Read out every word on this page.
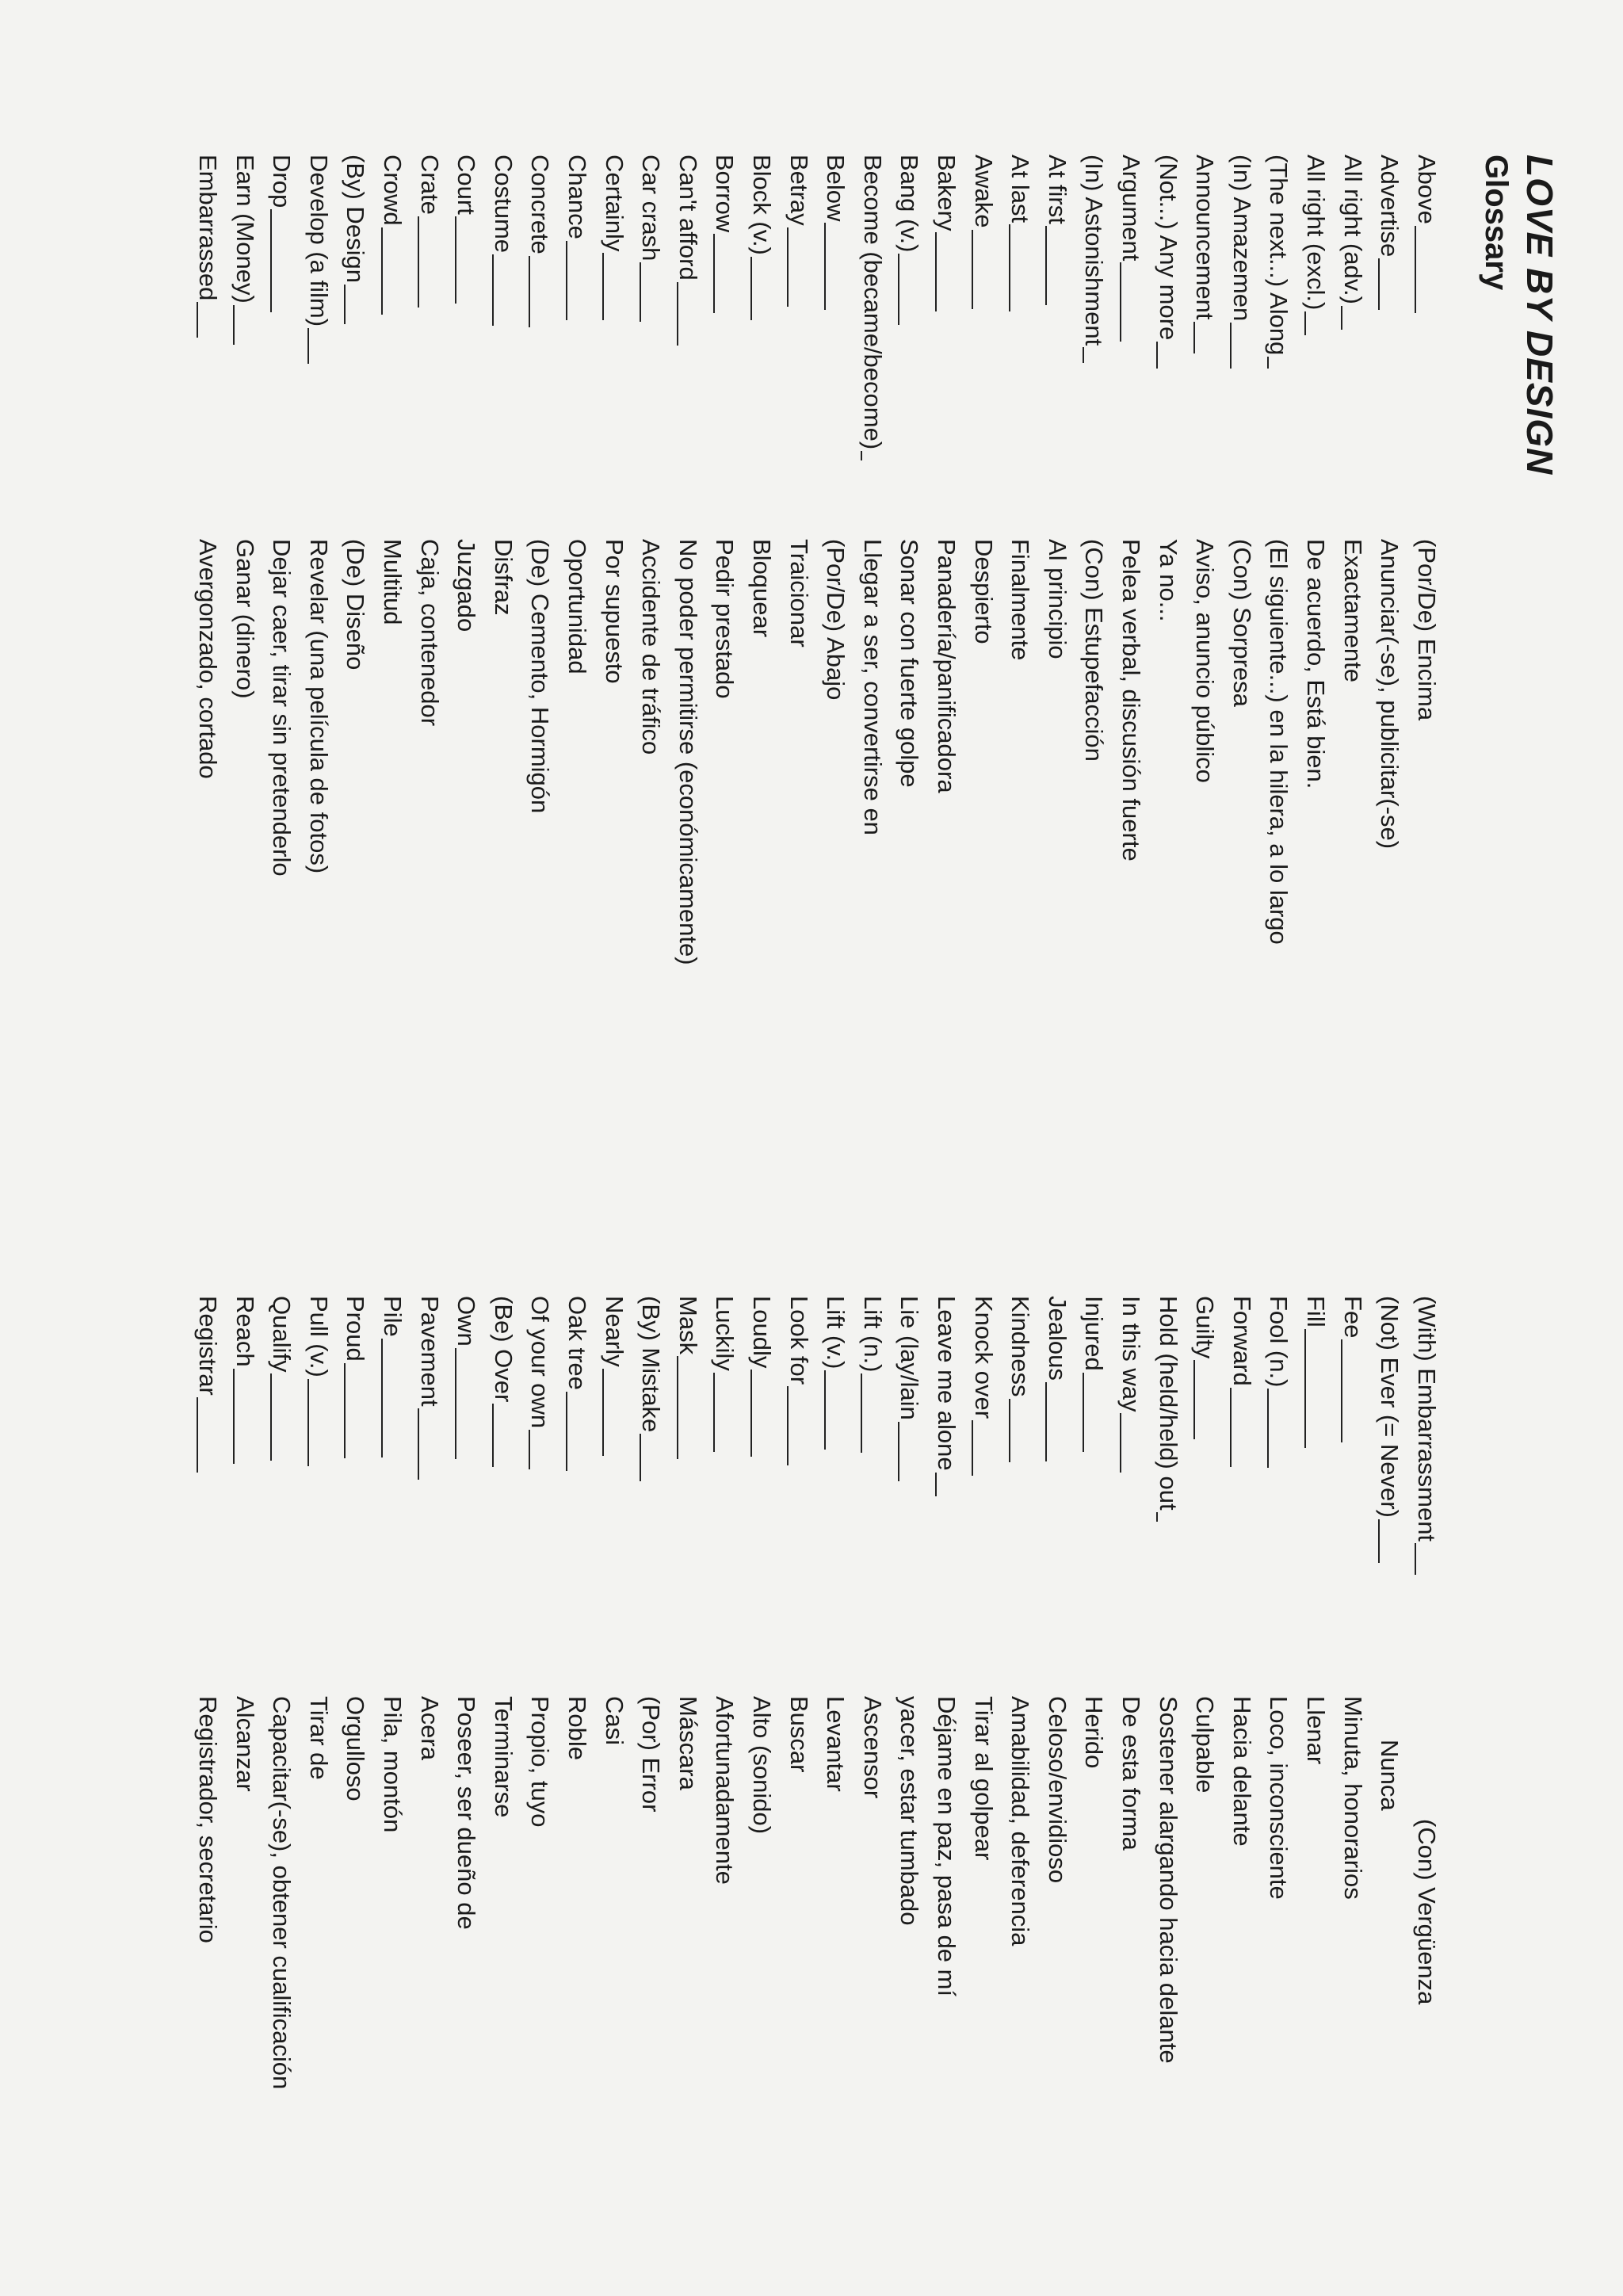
LOVE BY DESIGN
Glossary
Above
(Por/De) Encima
Advertise
Anunciar(-se), publicitar(-se)
All right (adv.)
Exactamente
All right (excl.)
De acuerdo, Está bien.
(The next...) Along
(El siguiente...) en la hilera, a lo largo
(In) Amazemen
(Con) Sorpresa
Announcement
Aviso, anuncio público
(Not...) Any more
Ya no...
Argument
Pelea verbal, discusión fuerte
(In) Astonishment
(Con) Estupefacción
At first
Al principio
At last
Finalmente
Awake
Despierto
Bakery
Panadería/panificadora
Bang (v.)
Sonar con fuerte golpe
Become (became/become)
Llegar a ser, convertirse en
Below
(Por/De) Abajo
Betray
Traicionar
Block (v.)
Bloquear
Borrow
Pedir prestado
Can't afford
No poder permitirse (económicamente)
Car crash
Accidente de tráfico
Certainly
Por supuesto
Chance
Oportunidad
Concrete
(De) Cemento, Hormigón
Costume
Disfraz
Court
Juzgado
Crate
Caja, contenedor
Crowd
Multitud
(By) Design
(De) Diseño
Develop (a film)
Revelar (una película de fotos)
Drop
Dejar caer, tirar sin pretenderlo
Earn (Money)
Ganar (dinero)
Embarrassed
Avergonzado, cortado
(With) Embarrassment
(Con) Vergüenza
(Not) Ever (= Never)
Nunca
Fee
Minuta, honorarios
Fill
Llenar
Fool (n.)
Loco, inconsciente
Forward
Hacia delante
Guilty
Culpable
Hold (held/held) out
Sostener alargando hacia delante
In this way
De esta forma
Injured
Herido
Jealous
Celoso/envidioso
Kindness
Amabilidad, deferencia
Knock over
Tirar al golpear
Leave me alone
Déjame en paz, pasa de mí
Lie (lay/lain
yacer, estar tumbado
Lift (n.)
Ascensor
Lift (v.)
Levantar
Look for
Buscar
Loudly
Alto (sonido)
Luckily
Afortunadamente
Mask
Máscara
(By) Mistake
(Por) Error
Nearly
Casi
Oak tree
Roble
Of your own
Propio, tuyo
(Be) Over
Terminarse
Own
Poseer, ser dueño de
Pavement
Acera
Pile
Pila, montón
Proud
Orgulloso
Pull (v.)
Tirar de
Qualify
Capacitar(-se), obtener cualificación
Reach
Alcanzar
Registrar
Registrador, secretario
